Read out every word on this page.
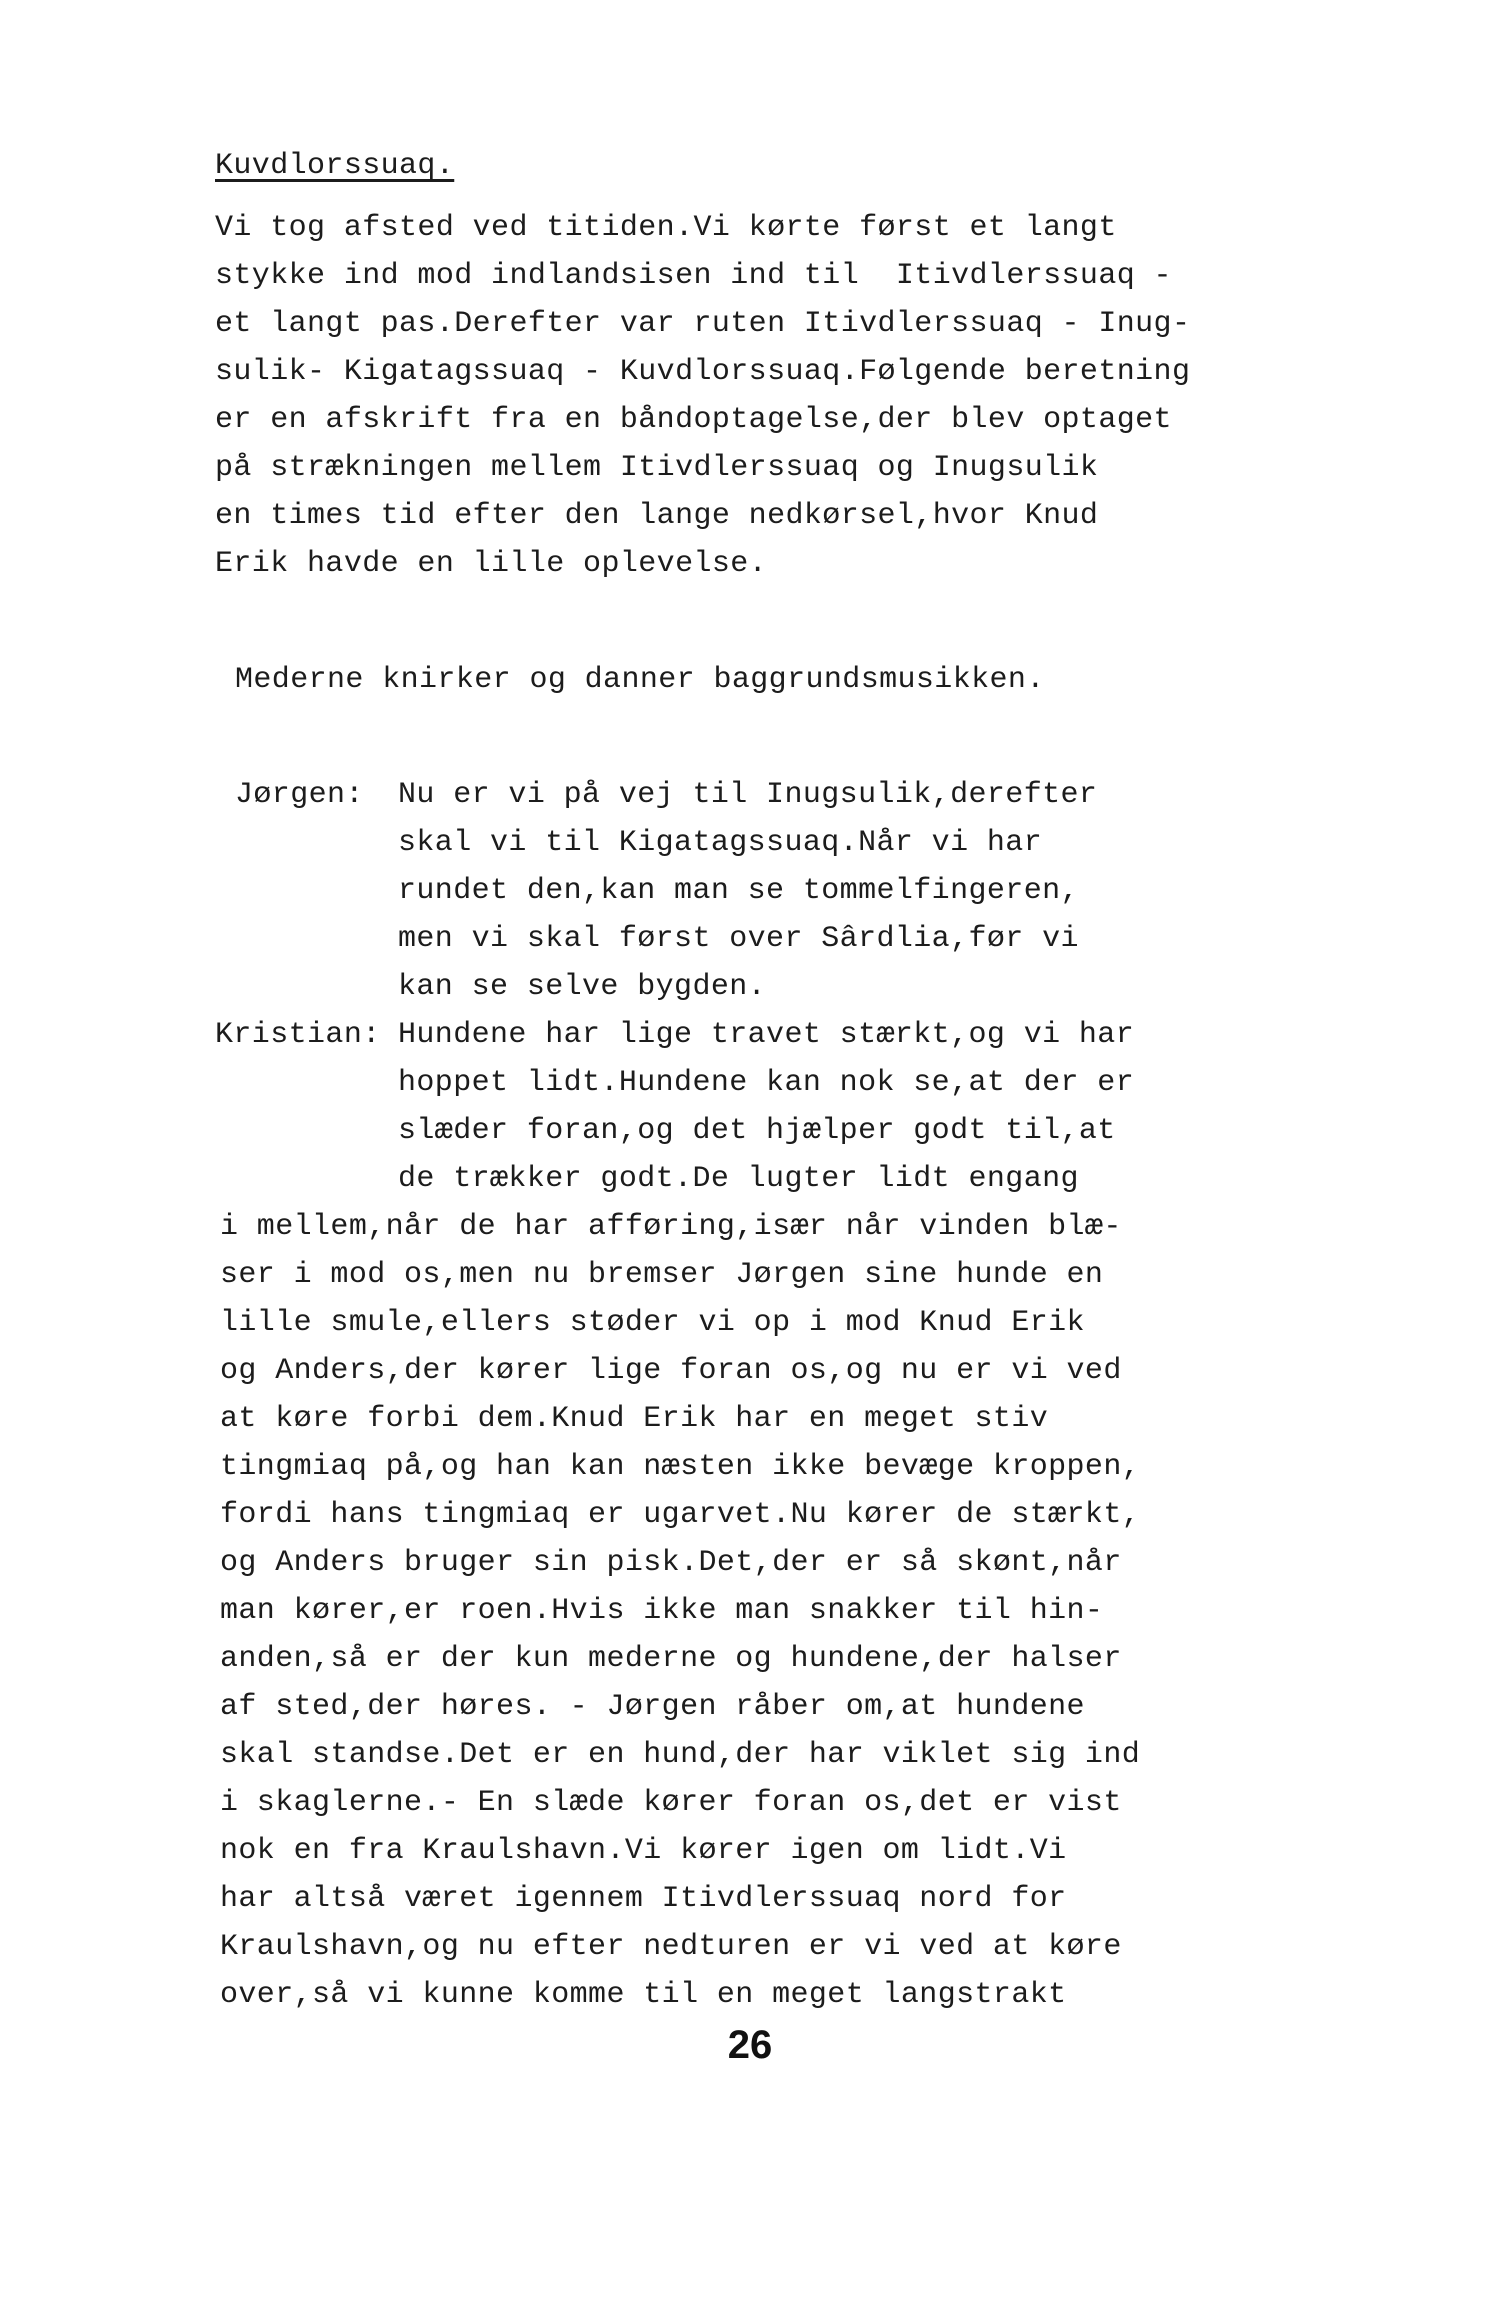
Kuvdlorssuaq.
Vi tog afsted ved titiden.Vi kørte først et langt
stykke ind mod indlandsisen ind til  Itivdlerssuaq -
et langt pas.Derefter var ruten Itivdlerssuaq - Inug-
sulik- Kigatagssuaq - Kuvdlorssuaq.Følgende beretning
er en afskrift fra en båndoptagelse,der blev optaget
på strækningen mellem Itivdlerssuaq og Inugsulik
en times tid efter den lange nedkørsel,hvor Knud
Erik havde en lille oplevelse.
Mederne knirker og danner baggrundsmusikken.
Jørgen: Nu er vi på vej til Inugsulik,derefter
skal vi til Kigatagssuaq.Når vi har
rundet den,kan man se tommelfingeren,
men vi skal først over Sârdlia,før vi
kan se selve bygden.
Kristian: Hundene har lige travet stærkt,og vi har
hoppet lidt.Hundene kan nok se,at der er
slæder foran,og det hjælper godt til,at
de trækker godt.De lugter lidt engang
i mellem,når de har afføring,især når vinden blæ-
ser i mod os,men nu bremser Jørgen sine hunde en
lille smule,ellers støder vi op i mod Knud Erik
og Anders,der kører lige foran os,og nu er vi ved
at køre forbi dem.Knud Erik har en meget stiv
tingmiaq på,og han kan næsten ikke bevæge kroppen,
fordi hans tingmiaq er ugarvet.Nu kører de stærkt,
og Anders bruger sin pisk.Det,der er så skønt,når
man kører,er roen.Hvis ikke man snakker til hin-
anden,så er der kun mederne og hundene,der halser
af sted,der høres. - Jørgen råber om,at hundene
skal standse.Det er en hund,der har viklet sig ind
i skaglerne.- En slæde kører foran os,det er vist
nok en fra Kraulshavn.Vi kører igen om lidt.Vi
har altså været igennem Itivdlerssuaq nord for
Kraulshavn,og nu efter nedturen er vi ved at køre
over,så vi kunne komme til en meget langstrakt
26
